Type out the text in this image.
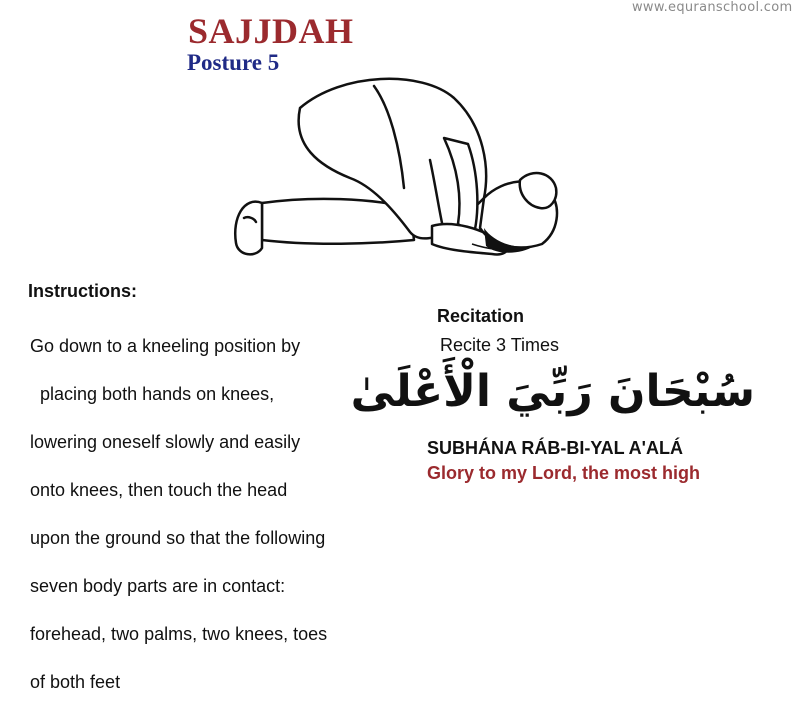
www.equranschool.com
SAJJDAH
Posture 5
Instructions:

Go down to a kneeling position by

placing both hands on knees,

lowering oneself slowly and easily

onto knees, then touch the head

upon the ground so that the following

seven body parts are in contact:

forehead, two palms, two knees, toes

of both feet

Recitation
Recite 3 Times
سُبْحَانَ رَبِّيَ الْأَعْلَىٰ
SUBHÁNA RÁB-BI-YAL A'ALÁ
Glory to my Lord, the most high
